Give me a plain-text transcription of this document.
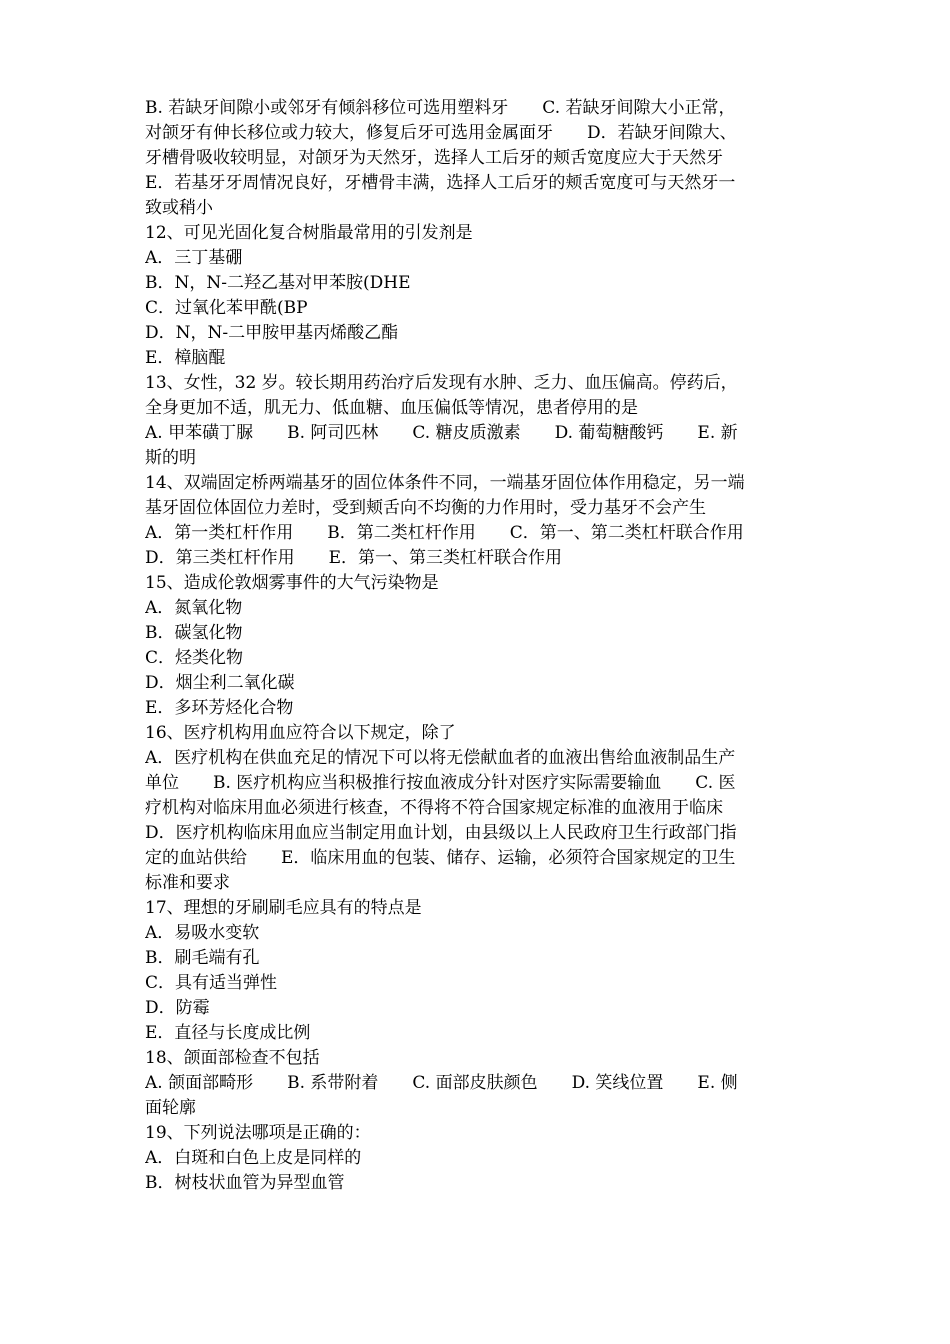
B. 若缺牙间隙小或邻牙有倾斜移位可选用塑料牙　　C. 若缺牙间隙大小正常，
对颌牙有伸长移位或力较大，修复后牙可选用金属面牙　　D．若缺牙间隙大、
牙槽骨吸收较明显，对颌牙为天然牙，选择人工后牙的颊舌宽度应大于天然牙
E．若基牙牙周情况良好，牙槽骨丰满，选择人工后牙的颊舌宽度可与天然牙一
致或稍小
12、可见光固化复合树脂最常用的引发剂是
A．三丁基硼
B．N，N-二羟乙基对甲苯胺(DHE
C．过氧化苯甲酰(BP
D．N，N-二甲胺甲基丙烯酸乙酯
E．樟脑醌
13、女性，32 岁。较长期用药治疗后发现有水肿、乏力、血压偏高。停药后，
全身更加不适，肌无力、低血糖、血压偏低等情况，患者停用的是
A. 甲苯磺丁脲　　B. 阿司匹林　　C. 糖皮质激素　　D. 葡萄糖酸钙　　E. 新
斯的明
14、双端固定桥两端基牙的固位体条件不同，一端基牙固位体作用稳定，另一端
基牙固位体固位力差时，受到颊舌向不均衡的力作用时，受力基牙不会产生
A．第一类杠杆作用　　B．第二类杠杆作用　　C．第一、第二类杠杆联合作用
D．第三类杠杆作用　　E．第一、第三类杠杆联合作用
15、造成伦敦烟雾事件的大气污染物是
A．氮氧化物
B．碳氢化物
C．烃类化物
D．烟尘利二氧化碳
E．多环芳烃化合物
16、医疗机构用血应符合以下规定，除了
A．医疗机构在供血充足的情况下可以将无偿献血者的血液出售给血液制品生产
单位　　B. 医疗机构应当积极推行按血液成分针对医疗实际需要输血　　C. 医
疗机构对临床用血必须进行核查，不得将不符合国家规定标准的血液用于临床
D．医疗机构临床用血应当制定用血计划，由县级以上人民政府卫生行政部门指
定的血站供给　　E．临床用血的包装、储存、运输，必须符合国家规定的卫生
标准和要求
17、理想的牙刷刷毛应具有的特点是
A．易吸水变软
B．刷毛端有孔
C．具有适当弹性
D．防霉
E．直径与长度成比例
18、颌面部检查不包括
A. 颌面部畸形　　B. 系带附着　　C. 面部皮肤颜色　　D. 笑线位置　　E. 侧
面轮廓
19、下列说法哪项是正确的：
A．白斑和白色上皮是同样的
B．树枝状血管为异型血管
